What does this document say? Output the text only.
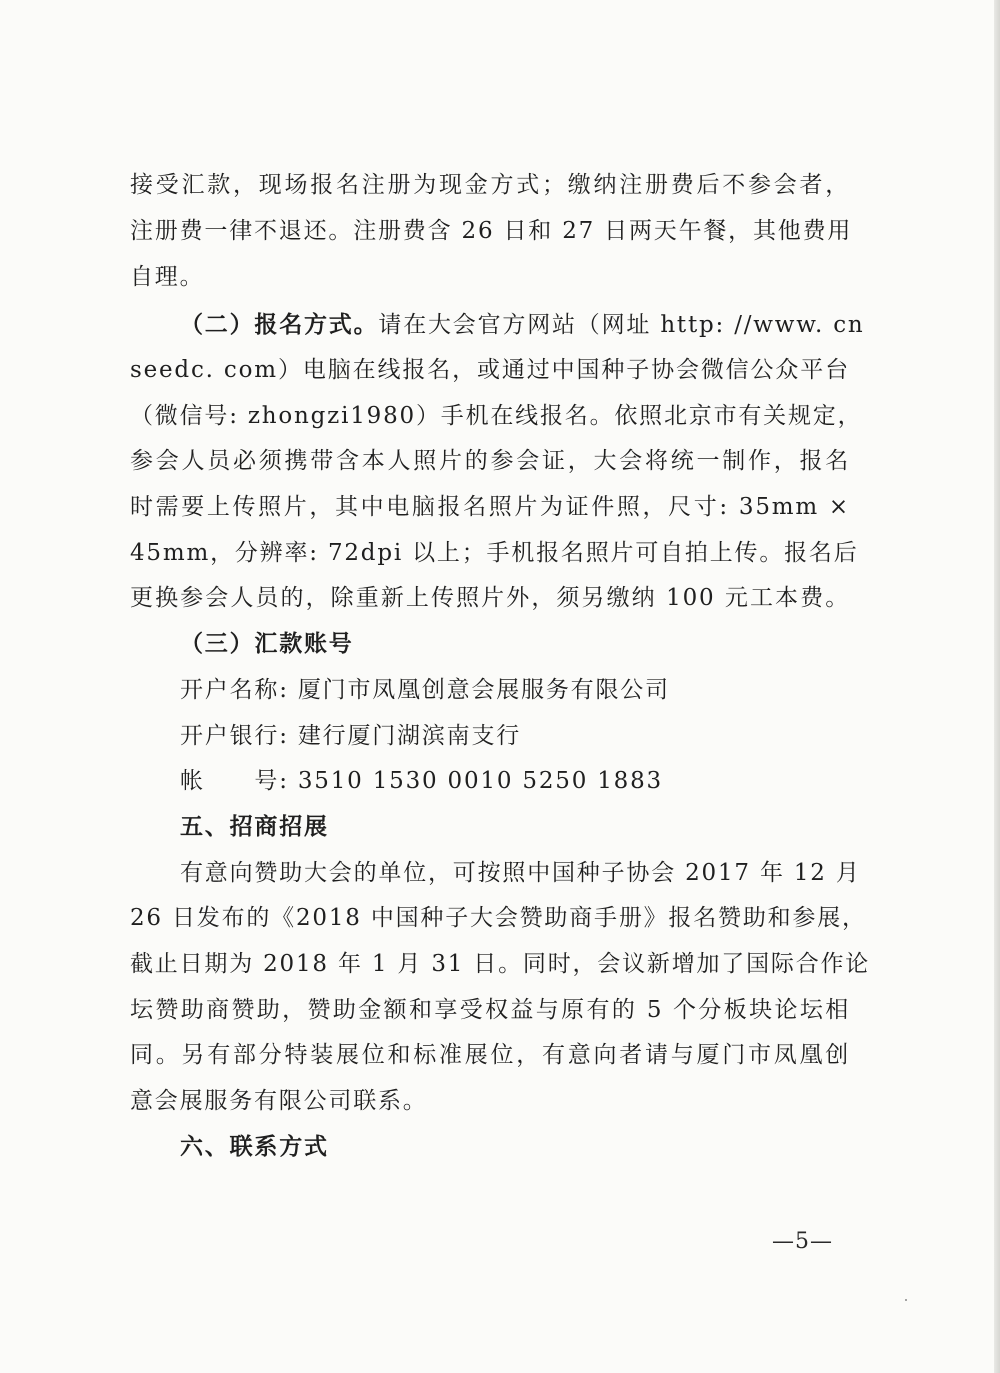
接受汇款，现场报名注册为现金方式；缴纳注册费后不参会者，
注册费一律不退还。注册费含 26 日和 27 日两天午餐，其他费用
自理。
（二）报名方式。请在大会官方网站（网址 http: //www. cn
seedc. com）电脑在线报名，或通过中国种子协会微信公众平台
（微信号: zhongzi1980）手机在线报名。依照北京市有关规定，
参会人员必须携带含本人照片的参会证，大会将统一制作，报名
时需要上传照片，其中电脑报名照片为证件照，尺寸: 35mm ×
45mm，分辨率: 72dpi 以上；手机报名照片可自拍上传。报名后
更换参会人员的，除重新上传照片外，须另缴纳 100 元工本费。
（三）汇款账号
开户名称: 厦门市凤凰创意会展服务有限公司
开户银行: 建行厦门湖滨南支行
帐　　号: 3510 1530 0010 5250 1883
五、招商招展
有意向赞助大会的单位，可按照中国种子协会 2017 年 12 月
26 日发布的《2018 中国种子大会赞助商手册》报名赞助和参展，
截止日期为 2018 年 1 月 31 日。同时，会议新增加了国际合作论
坛赞助商赞助，赞助金额和享受权益与原有的 5 个分板块论坛相
同。另有部分特装展位和标准展位，有意向者请与厦门市凤凰创
意会展服务有限公司联系。
六、联系方式
—5—
